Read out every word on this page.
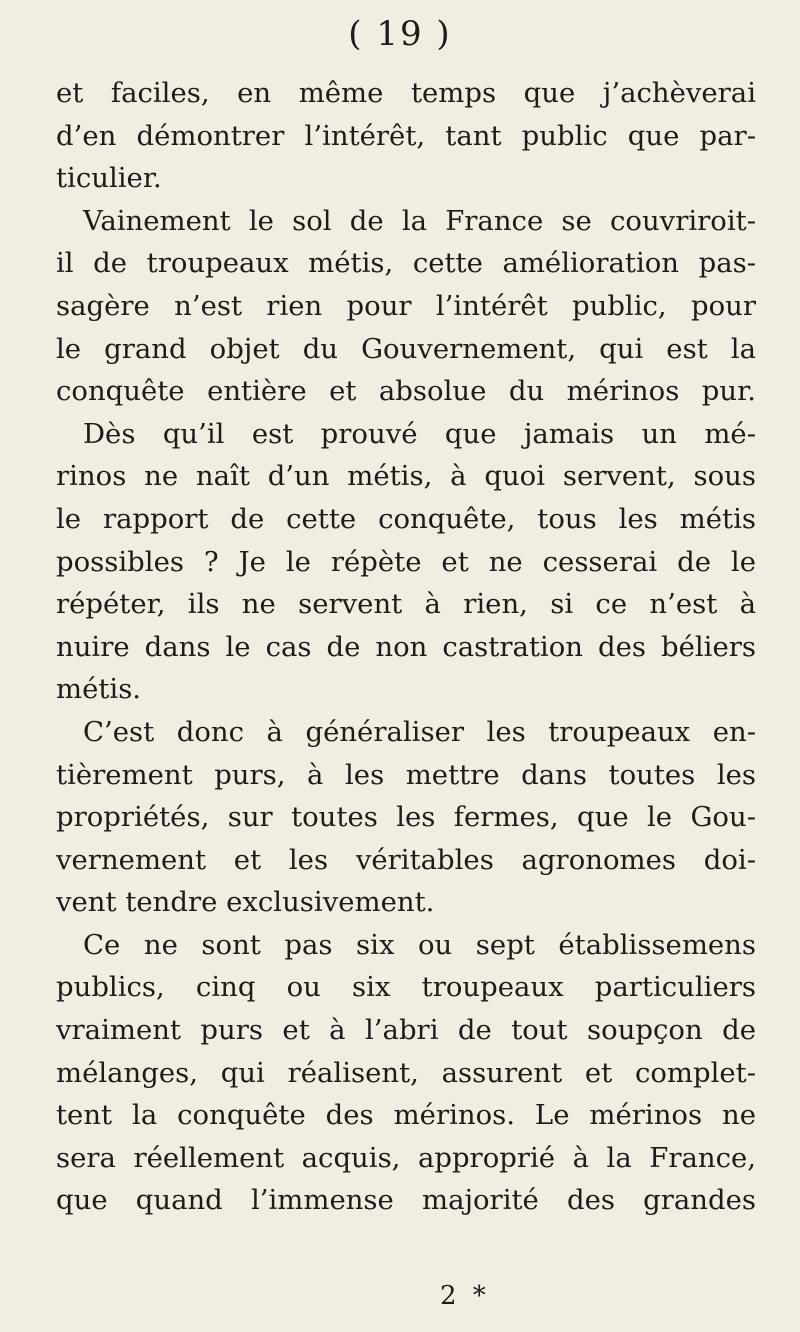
( 19 )
et faciles, en même temps que j’achèverai
d’en démontrer l’intérêt, tant public que par-
ticulier.
Vainement le sol de la France se couvriroit-
il de troupeaux métis, cette amélioration pas-
sagère n’est rien pour l’intérêt public, pour
le grand objet du Gouvernement, qui est la
conquête entière et absolue du mérinos pur.
Dès qu’il est prouvé que jamais un mé-
rinos ne naît d’un métis, à quoi servent, sous
le rapport de cette conquête, tous les métis
possibles ? Je le répète et ne cesserai de le
répéter, ils ne servent à rien, si ce n’est à
nuire dans le cas de non castration des béliers
métis.
C’est donc à généraliser les troupeaux en-
tièrement purs, à les mettre dans toutes les
propriétés, sur toutes les fermes, que le Gou-
vernement et les véritables agronomes doi-
vent tendre exclusivement.
Ce ne sont pas six ou sept établissemens
publics, cinq ou six troupeaux particuliers
vraiment purs et à l’abri de tout soupçon de
mélanges, qui réalisent, assurent et complet-
tent la conquête des mérinos. Le mérinos ne
sera réellement acquis, approprié à la France,
que quand l’immense majorité des grandes
2 *
